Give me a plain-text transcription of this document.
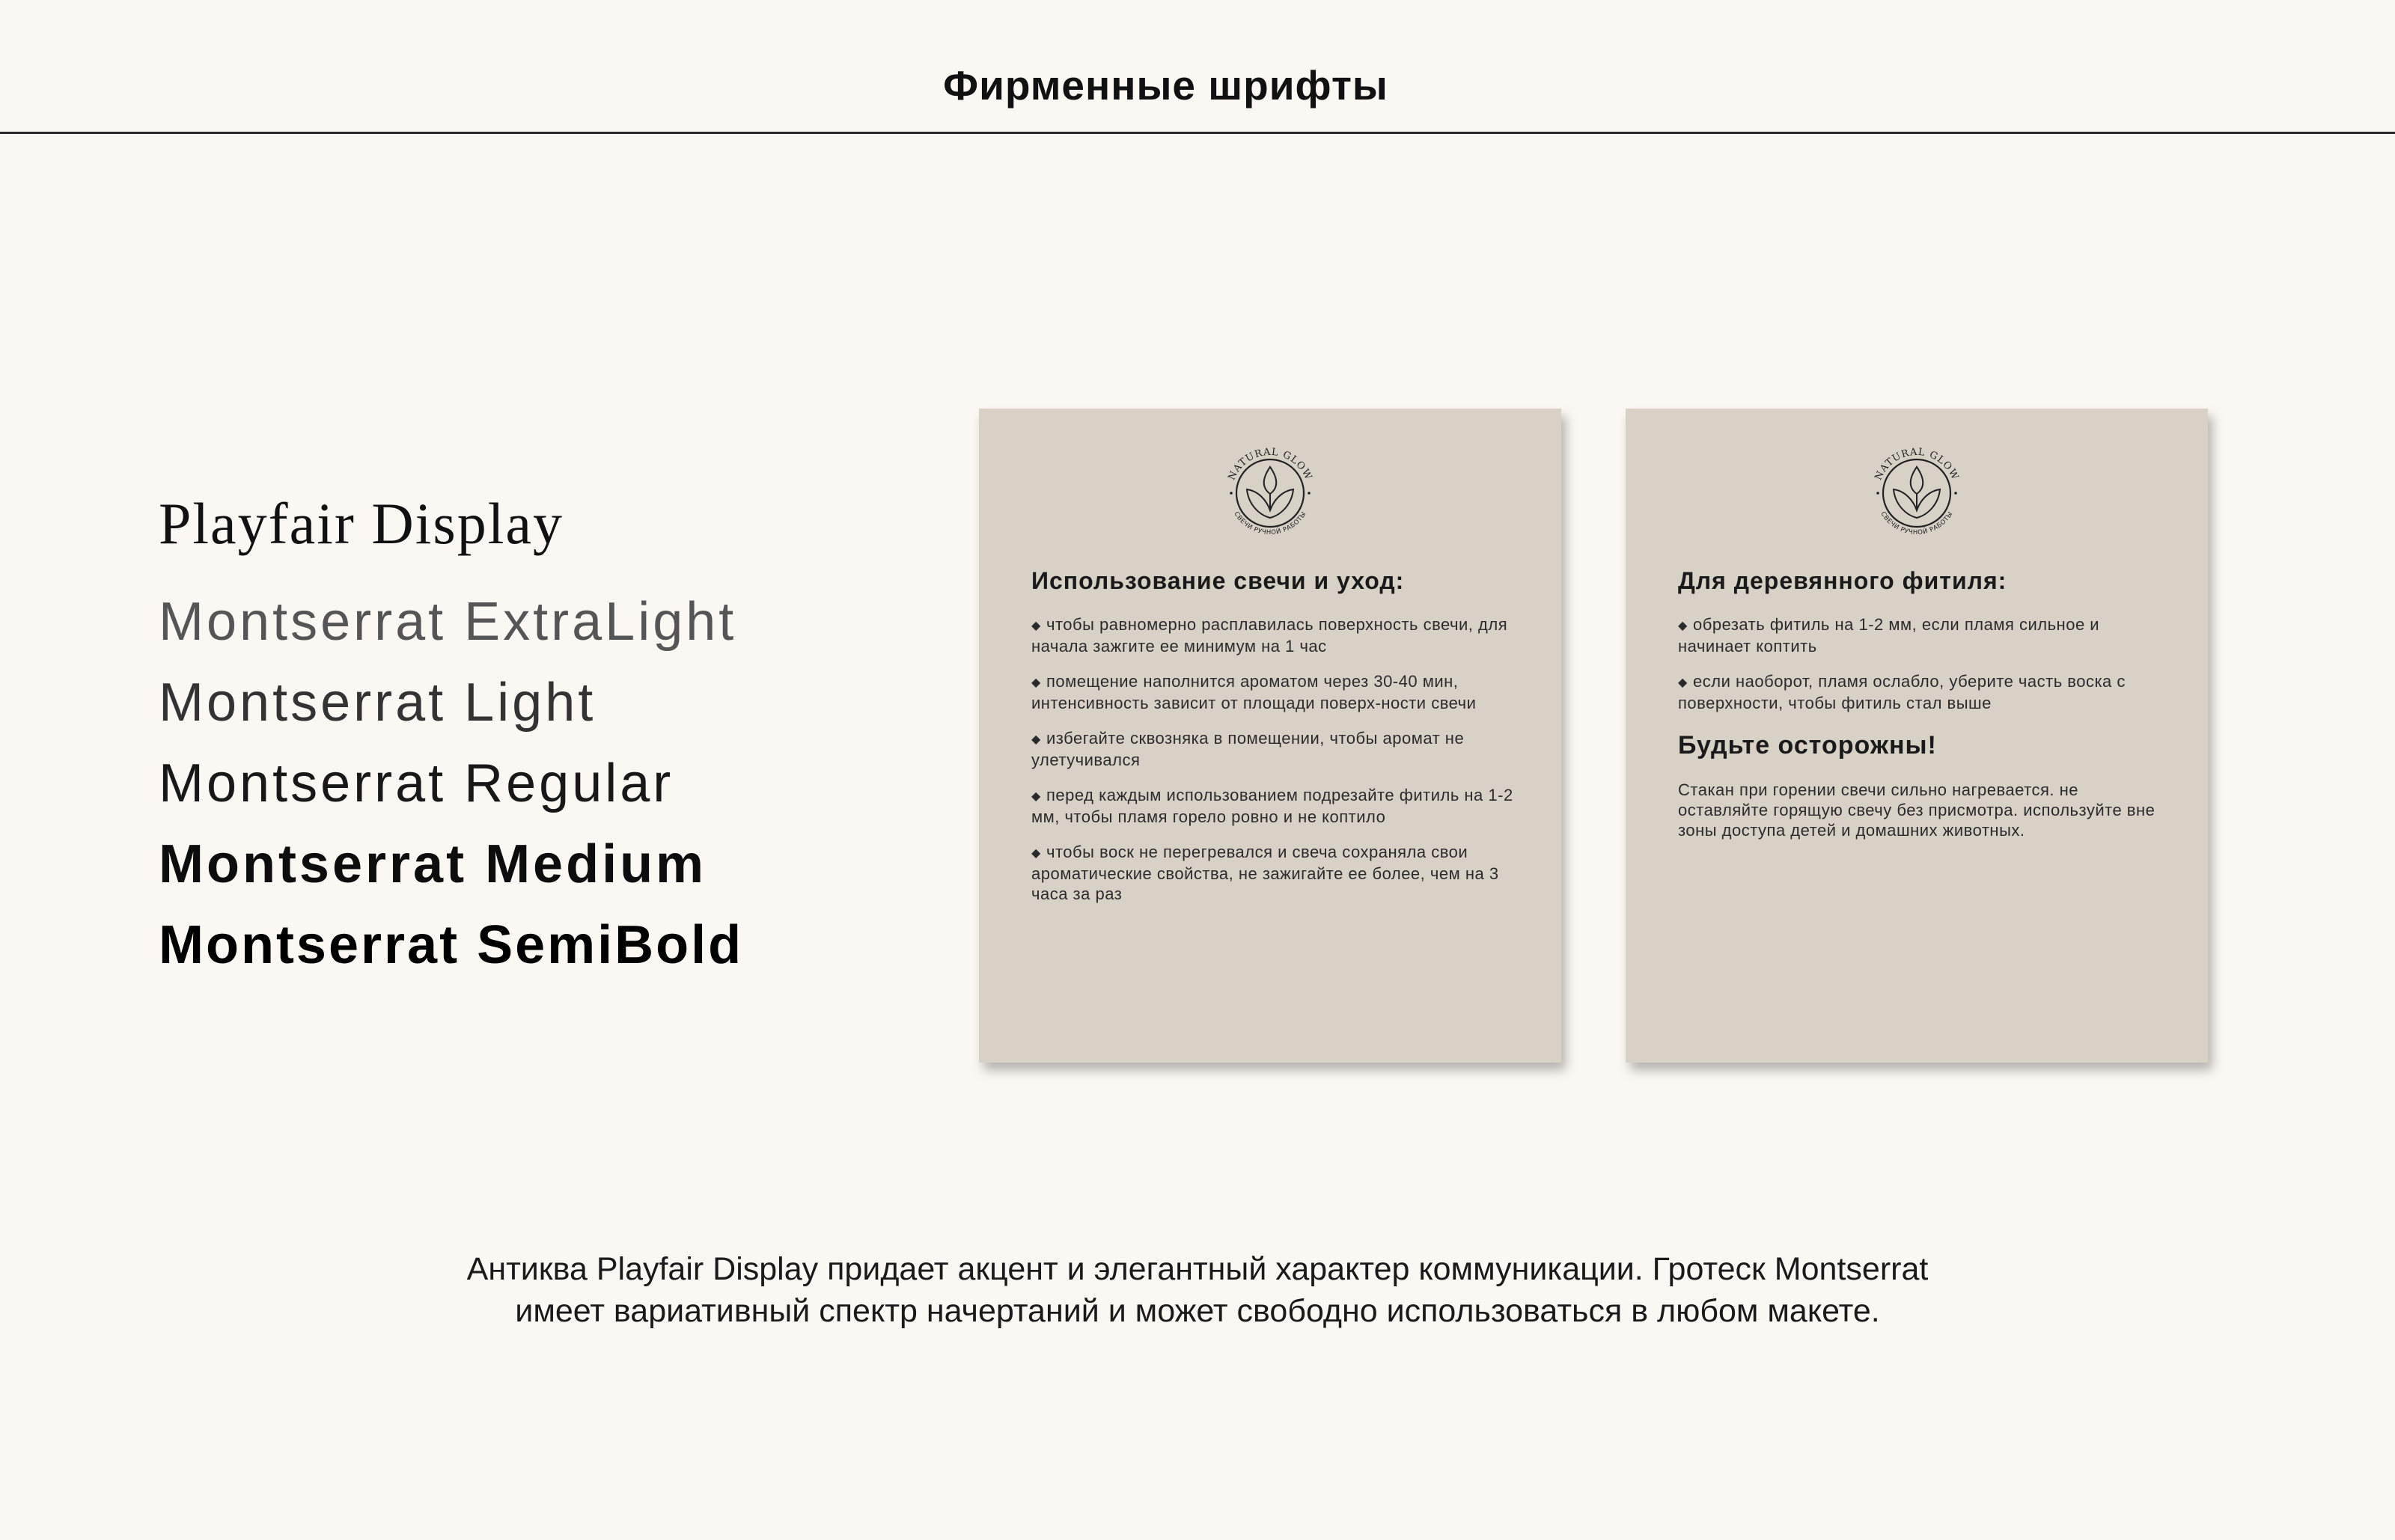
Фирменные шрифты
Playfair Display
Montserrat ExtraLight
Montserrat Light
Montserrat Regular
Montserrat Medium
Montserrat SemiBold
NATURAL GLOW
СВЕЧИ РУЧНОЙ РАБОТЫ
Использование свечи и уход:
◆ чтобы равномерно расплавилась поверхность свечи, для начала зажгите ее минимум на 1 час
◆ помещение наполнится ароматом через 30-40 мин, интенсивность зависит от площади поверх-ности свечи
◆ избегайте сквозняка в помещении, чтобы аромат не улетучивался
◆ перед каждым использованием подрезайте фитиль на 1-2 мм, чтобы пламя горело ровно и не коптило
◆ чтобы воск не перегревался и свеча сохраняла свои ароматические свойства, не зажигайте ее более, чем на 3 часа за раз
NATURAL GLOW
СВЕЧИ РУЧНОЙ РАБОТЫ
Для деревянного фитиля:
◆ обрезать фитиль на 1-2 мм, если пламя сильное и начинает коптить
◆ если наоборот, пламя ослабло, уберите часть воска с поверхности, чтобы фитиль стал выше
Будьте осторожны!

Стакан при горении свечи сильно нагревается. не оставляйте горящую свечу без присмотра. используйте вне зоны доступа детей и домашних животных.

Антиква Playfair Display придает акцент и элегантный характер коммуникации. Гротеск Montserrat
имеет вариативный спектр начертаний и может свободно использоваться в любом макете.
